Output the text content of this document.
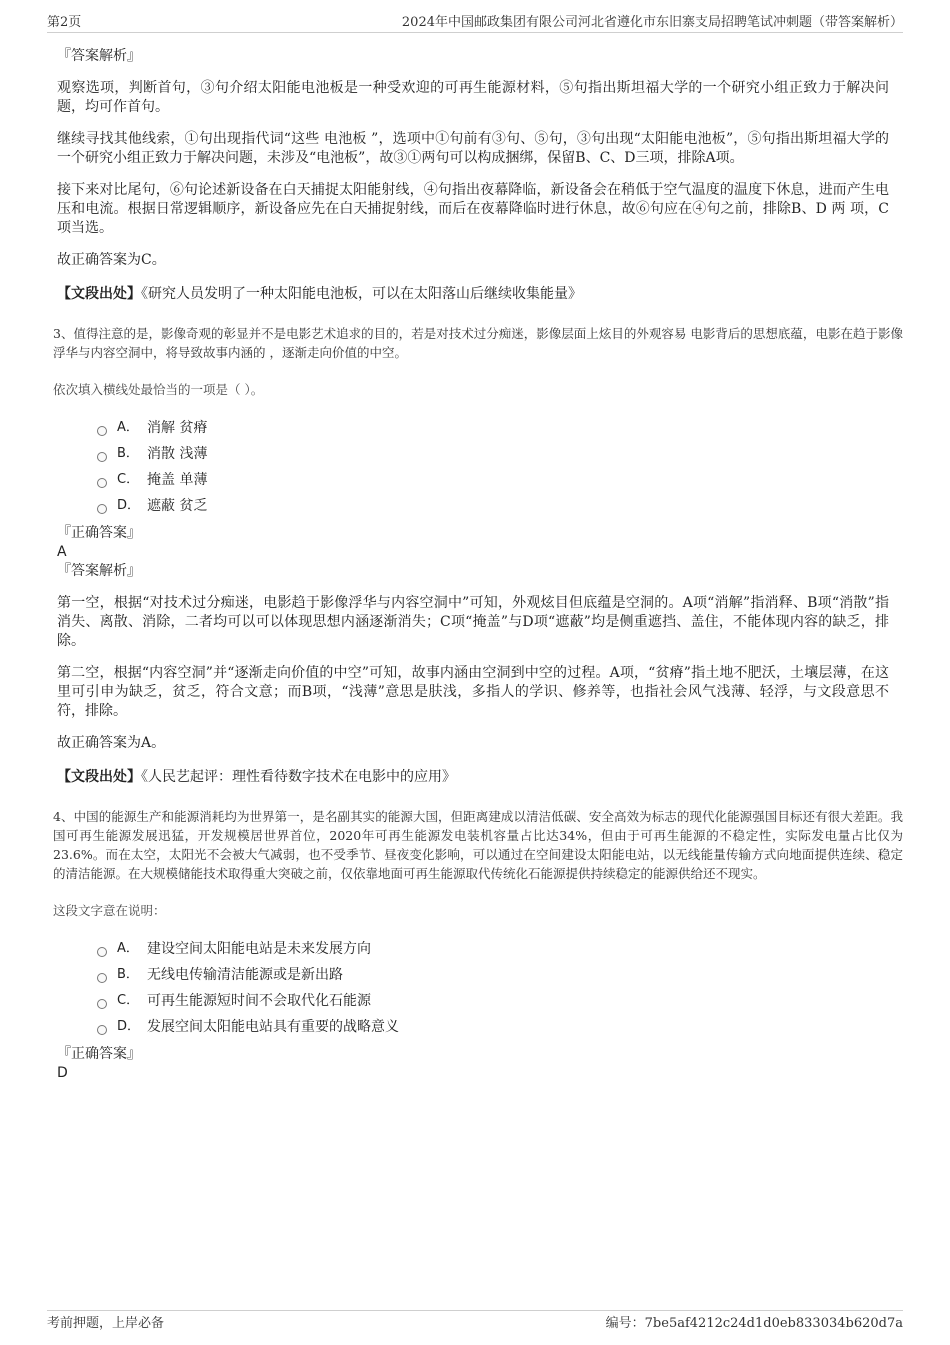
第2页	2024年中国邮政集团有限公司河北省遵化市东旧寨支局招聘笔试冲刺题（带答案解析）
『答案解析』

观察选项，判断首句，③句介绍太阳能电池板是一种受欢迎的可再生能源材料，⑤句指出斯坦福大学的一个研究小组正致力于解决问题，均可作首句。

继续寻找其他线索，①句出现指代词“这些 电池板 ”，选项中①句前有③句、⑤句，③句出现“太阳能电池板”，⑤句指出斯坦福大学的一个研究小组正致力于解决问题，未涉及“电池板”，故③①两句可以构成捆绑，保留B、C、D三项，排除A项。

接下来对比尾句，⑥句论述新设备在白天捕捉太阳能射线，④句指出夜幕降临，新设备会在稍低于空气温度的温度下休息，进而产生电压和电流。根据日常逻辑顺序，新设备应先在白天捕捉射线，而后在夜幕降临时进行休息，故⑥句应在④句之前，排除B、D 两 项，C项当选。

故正确答案为C。

【文段出处】《研究人员发明了一种太阳能电池板，可以在太阳落山后继续收集能量》
3、值得注意的是，影像奇观的彰显并不是电影艺术追求的目的，若是对技术过分痴迷，影像层面上炫目的外观容易 电影背后的思想底蕴，电影在趋于影像浮华与内容空洞中，将导致故事内涵的 ，逐渐走向价值的中空。
依次填入横线处最恰当的一项是（ ）。
A． 消解 贫瘠
B． 消散 浅薄
C． 掩盖 单薄
D． 遮蔽 贫乏
『正确答案』
A
『答案解析』

第一空，根据“对技术过分痴迷，电影趋于影像浮华与内容空洞中”可知，外观炫目但底蕴是空洞的。A项“消解”指消释、B项“消散”指消失、离散、消除，二者均可以可以体现思想内涵逐渐消失；C项“掩盖”与D项“遮蔽”均是侧重遮挡、盖住，不能体现内容的缺乏，排除。

第二空，根据“内容空洞”并“逐渐走向价值的中空”可知，故事内涵由空洞到中空的过程。A项，“贫瘠”指土地不肥沃，土壤层薄，在这里可引申为缺乏，贫乏，符合文意；而B项，“浅薄”意思是肤浅，多指人的学识、修养等，也指社会风气浅薄、轻浮，与文段意思不符，排除。

故正确答案为A。

【文段出处】《人民艺起评：理性看待数字技术在电影中的应用》
4、中国的能源生产和能源消耗均为世界第一，是名副其实的能源大国，但距离建成以清洁低碳、安全高效为标志的现代化能源强国目标还有很大差距。我国可再生能源发展迅猛，开发规模居世界首位，2020年可再生能源发电装机容量占比达34%，但由于可再生能源的不稳定性，实际发电量占比仅为23.6%。而在太空，太阳光不会被大气减弱，也不受季节、昼夜变化影响，可以通过在空间建设太阳能电站，以无线能量传输方式向地面提供连续、稳定的清洁能源。在大规模储能技术取得重大突破之前，仅依靠地面可再生能源取代传统化石能源提供持续稳定的能源供给还不现实。
这段文字意在说明：
A． 建设空间太阳能电站是未来发展方向
B． 无线电传输清洁能源或是新出路
C． 可再生能源短时间不会取代化石能源
D． 发展空间太阳能电站具有重要的战略意义
『正确答案』
D
考前押题，上岸必备	编号：7be5af4212c24d1d0eb833034b620d7a
